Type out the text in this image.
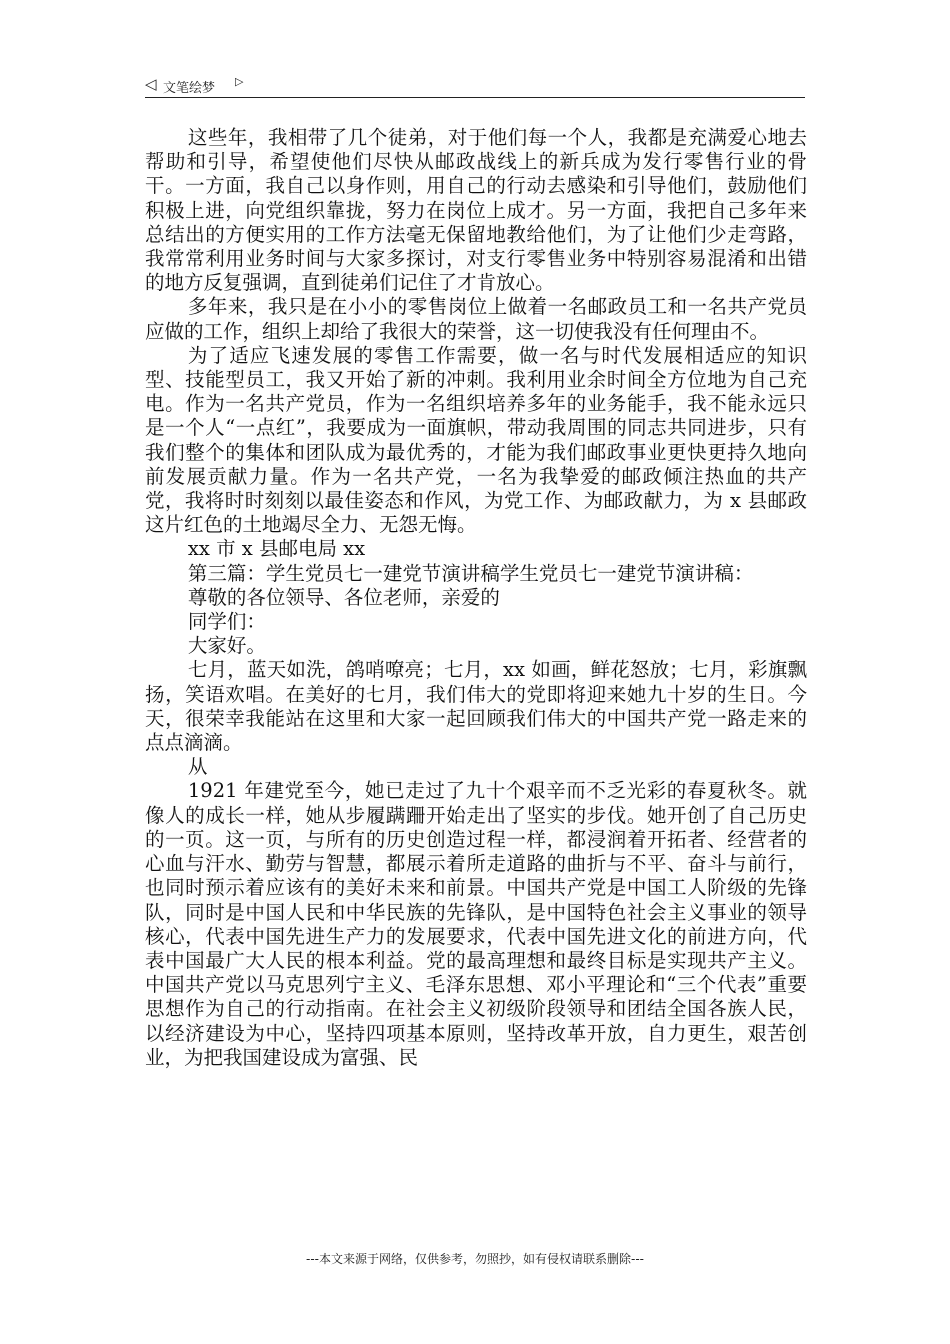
◁ 文笔绘梦 ▷

这些年，我相带了几个徒弟，对于他们每一个人，我都是充满爱心地去帮助和引导，希望使他们尽快从邮政战线上的新兵成为发行零售行业的骨干。一方面，我自己以身作则，用自己的行动去感染和引导他们，鼓励他们积极上进，向党组织靠拢，努力在岗位上成才。另一方面，我把自己多年来总结出的方便实用的工作方法毫无保留地教给他们，为了让他们少走弯路，我常常利用业务时间与大家多探讨，对支行零售业务中特别容易混淆和出错的地方反复强调，直到徒弟们记住了才肯放心。

多年来，我只是在小小的零售岗位上做着一名邮政员工和一名共产党员应做的工作，组织上却给了我很大的荣誉，这一切使我没有任何理由不。

为了适应飞速发展的零售工作需要，做一名与时代发展相适应的知识型、技能型员工，我又开始了新的冲刺。我利用业余时间全方位地为自己充电。作为一名共产党员，作为一名组织培养多年的业务能手，我不能永远只是一个人“一点红”，我要成为一面旗帜，带动我周围的同志共同进步，只有我们整个的集体和团队成为最优秀的，才能为我们邮政事业更快更持久地向前发展贡献力量。作为一名共产党，一名为我挚爱的邮政倾注热血的共产党，我将时时刻刻以最佳姿态和作风，为党工作、为邮政献力，为 x 县邮政这片红色的土地竭尽全力、无怨无悔。

xx 市 x 县邮电局 xx

第三篇：学生党员七一建党节演讲稿学生党员七一建党节演讲稿：

尊敬的各位领导、各位老师，亲爱的

同学们：

大家好。

七月，蓝天如洗，鸽哨嘹亮；七月，xx 如画，鲜花怒放；七月，彩旗飘扬，笑语欢唱。在美好的七月，我们伟大的党即将迎来她九十岁的生日。今天，很荣幸我能站在这里和大家一起回顾我们伟大的中国共产党一路走来的点点滴滴。

从

1921 年建党至今，她已走过了九十个艰辛而不乏光彩的春夏秋冬。就像人的成长一样，她从步履蹒跚开始走出了坚实的步伐。她开创了自己历史的一页。这一页，与所有的历史创造过程一样，都浸润着开拓者、经营者的心血与汗水、勤劳与智慧，都展示着所走道路的曲折与不平、奋斗与前行，也同时预示着应该有的美好未来和前景。中国共产党是中国工人阶级的先锋队，同时是中国人民和中华民族的先锋队，是中国特色社会主义事业的领导核心，代表中国先进生产力的发展要求，代表中国先进文化的前进方向，代表中国最广大人民的根本利益。党的最高理想和最终目标是实现共产主义。中国共产党以马克思列宁主义、毛泽东思想、邓小平理论和“三个代表”重要思想作为自己的行动指南。在社会主义初级阶段领导和团结全国各族人民，以经济建设为中心，坚持四项基本原则，坚持改革开放，自力更生，艰苦创业，为把我国建设成为富强、民

---本文来源于网络，仅供参考，勿照抄，如有侵权请联系删除---
